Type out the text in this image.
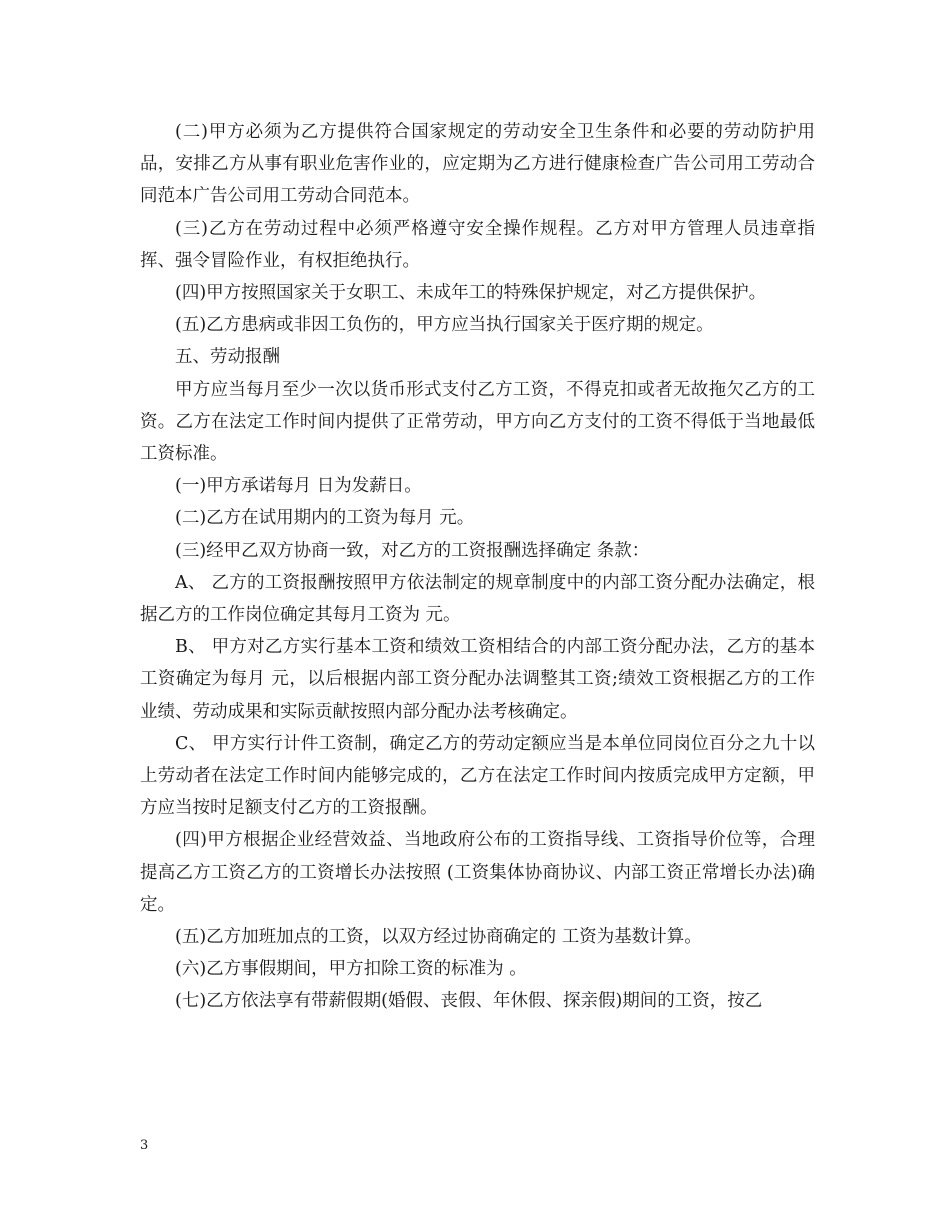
(二)甲方必须为乙方提供符合国家规定的劳动安全卫生条件和必要的劳动防护用品，安排乙方从事有职业危害作业的，应定期为乙方进行健康检查广告公司用工劳动合同范本广告公司用工劳动合同范本。

(三)乙方在劳动过程中必须严格遵守安全操作规程。乙方对甲方管理人员违章指挥、强令冒险作业，有权拒绝执行。

(四)甲方按照国家关于女职工、未成年工的特殊保护规定，对乙方提供保护。

(五)乙方患病或非因工负伤的，甲方应当执行国家关于医疗期的规定。

五、劳动报酬

甲方应当每月至少一次以货币形式支付乙方工资，不得克扣或者无故拖欠乙方的工资。乙方在法定工作时间内提供了正常劳动，甲方向乙方支付的工资不得低于当地最低工资标准。

(一)甲方承诺每月 日为发薪日。

(二)乙方在试用期内的工资为每月 元。

(三)经甲乙双方协商一致，对乙方的工资报酬选择确定 条款：

A、 乙方的工资报酬按照甲方依法制定的规章制度中的内部工资分配办法确定，根据乙方的工作岗位确定其每月工资为 元。

B、 甲方对乙方实行基本工资和绩效工资相结合的内部工资分配办法，乙方的基本工资确定为每月 元，以后根据内部工资分配办法调整其工资;绩效工资根据乙方的工作业绩、劳动成果和实际贡献按照内部分配办法考核确定。

C、 甲方实行计件工资制，确定乙方的劳动定额应当是本单位同岗位百分之九十以上劳动者在法定工作时间内能够完成的，乙方在法定工作时间内按质完成甲方定额，甲方应当按时足额支付乙方的工资报酬。

(四)甲方根据企业经营效益、当地政府公布的工资指导线、工资指导价位等，合理提高乙方工资乙方的工资增长办法按照 (工资集体协商协议、内部工资正常增长办法)确定。

(五)乙方加班加点的工资，以双方经过协商确定的 工资为基数计算。

(六)乙方事假期间，甲方扣除工资的标准为 。

(七)乙方依法享有带薪假期(婚假、丧假、年休假、探亲假)期间的工资，按乙

3
